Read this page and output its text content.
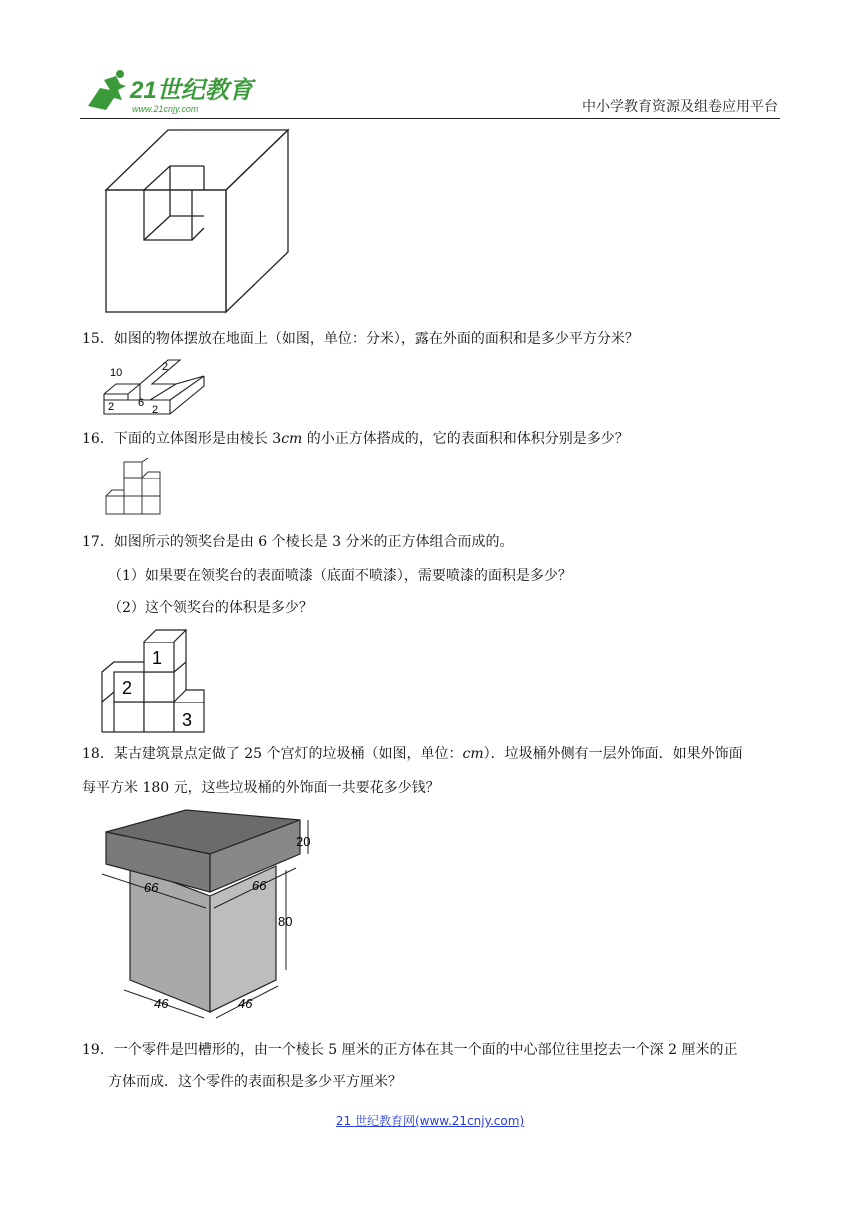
21世纪教育
www.21cnjy.com	中小学教育资源及组卷应用平台
15．如图的物体摆放在地面上（如图，单位：分米），露在外面的面积和是多少平方分米？
10	2
2 6
2
16．下面的立体图形是由棱长 3cm 的小正方体搭成的，它的表面积和体积分别是多少？
17．如图所示的领奖台是由 6 个棱长是 3 分米的正方体组合而成的。
（1）如果要在领奖台的表面喷漆（底面不喷漆），需要喷漆的面积是多少？
（2）这个领奖台的体积是多少？
1
2
3
18．某古建筑景点定做了 25 个宫灯的垃圾桶（如图，单位：cm）．垃圾桶外侧有一层外饰面．如果外饰面
每平方米 180 元，这些垃圾桶的外饰面一共要花多少钱？
20
66	66
80
46	46
19．一个零件是凹槽形的，由一个棱长 5 厘米的正方体在其一个面的中心部位往里挖去一个深 2 厘米的正
方体而成．这个零件的表面积是多少平方厘米？
21 世纪教育网(www.21cnjy.com)
